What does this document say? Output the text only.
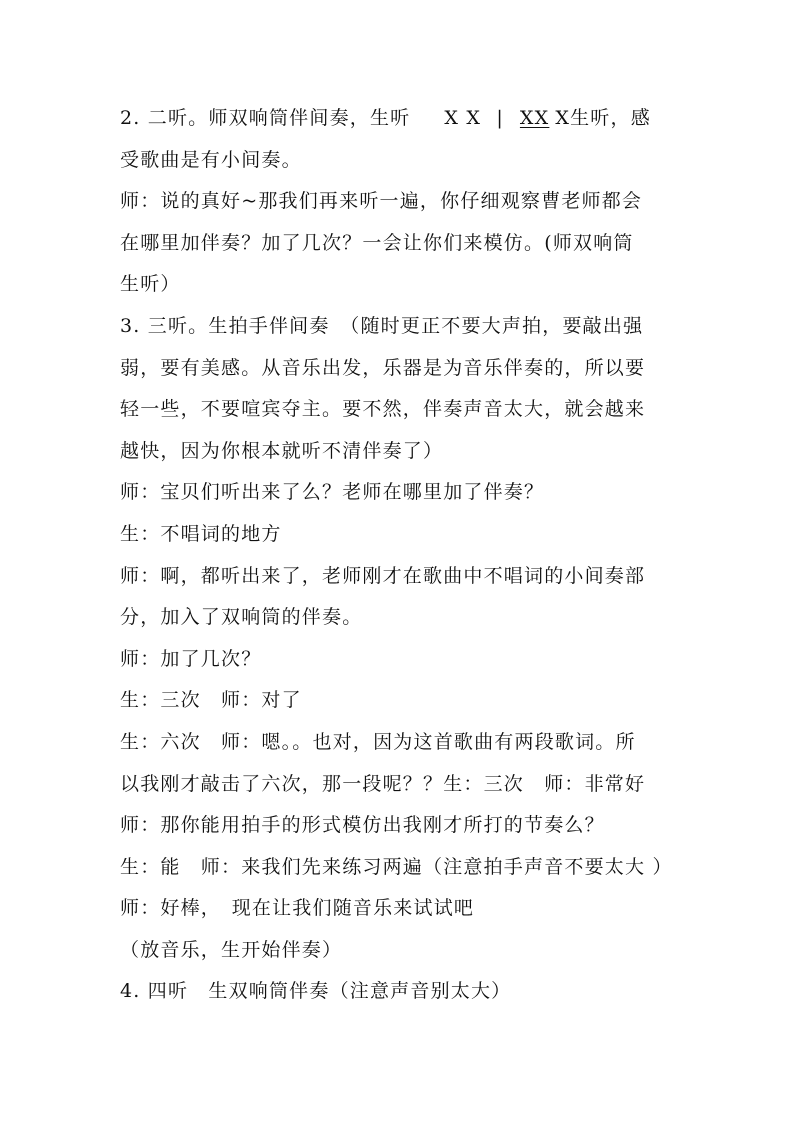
2. 二听。师双响筒伴间奏，生听 X X | XX X生听，感
受歌曲是有小间奏。
师：说的真好~那我们再来听一遍，你仔细观察曹老师都会
在哪里加伴奏？加了几次？一会让你们来模仿。(师双响筒
生听）
3. 三听。生拍手伴间奏　（随时更正不要大声拍，要敲出强
弱，要有美感。从音乐出发，乐器是为音乐伴奏的，所以要
轻一些，不要喧宾夺主。要不然，伴奏声音太大，就会越来
越快，因为你根本就听不清伴奏了）
师：宝贝们听出来了么？老师在哪里加了伴奏？
生：不唱词的地方
师：啊，都听出来了，老师刚才在歌曲中不唱词的小间奏部
分，加入了双响筒的伴奏。
师：加了几次？
生：三次　师：对了
生：六次　师：嗯。。也对，因为这首歌曲有两段歌词。所
以我刚才敲击了六次，那一段呢？？生：三次　师：非常好
师：那你能用拍手的形式模仿出我刚才所打的节奏么？
生：能　师：来我们先来练习两遍（注意拍手声音不要太大 ）
师：好棒，　现在让我们随音乐来试试吧
（放音乐，生开始伴奏）
4. 四听　生双响筒伴奏（注意声音别太大）
